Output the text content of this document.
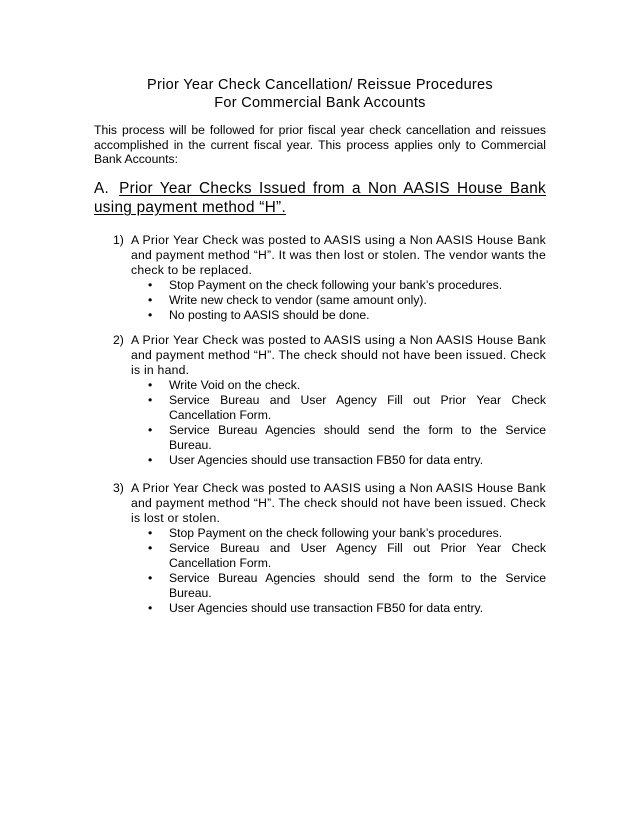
Prior Year Check Cancellation/ Reissue Procedures
For Commercial Bank Accounts

This process will be followed for prior fiscal year check cancellation and reissues accomplished in the current fiscal year. This process applies only to Commercial Bank Accounts:

A. Prior Year Checks Issued from a Non AASIS House Bank using payment method “H”.

1) A Prior Year Check was posted to AASIS using a Non AASIS House Bank and payment method “H”. It was then lost or stolen. The vendor wants the check to be replaced.
• Stop Payment on the check following your bank’s procedures.
• Write new check to vendor (same amount only).
• No posting to AASIS should be done.
2) A Prior Year Check was posted to AASIS using a Non AASIS House Bank and payment method “H”. The check should not have been issued. Check is in hand.
• Write Void on the check.
• Service Bureau and User Agency Fill out Prior Year Check Cancellation Form.
• Service Bureau Agencies should send the form to the Service Bureau.
• User Agencies should use transaction FB50 for data entry.
3) A Prior Year Check was posted to AASIS using a Non AASIS House Bank and payment method “H”. The check should not have been issued. Check is lost or stolen.
• Stop Payment on the check following your bank’s procedures.
• Service Bureau and User Agency Fill out Prior Year Check Cancellation Form.
• Service Bureau Agencies should send the form to the Service Bureau.
• User Agencies should use transaction FB50 for data entry.
